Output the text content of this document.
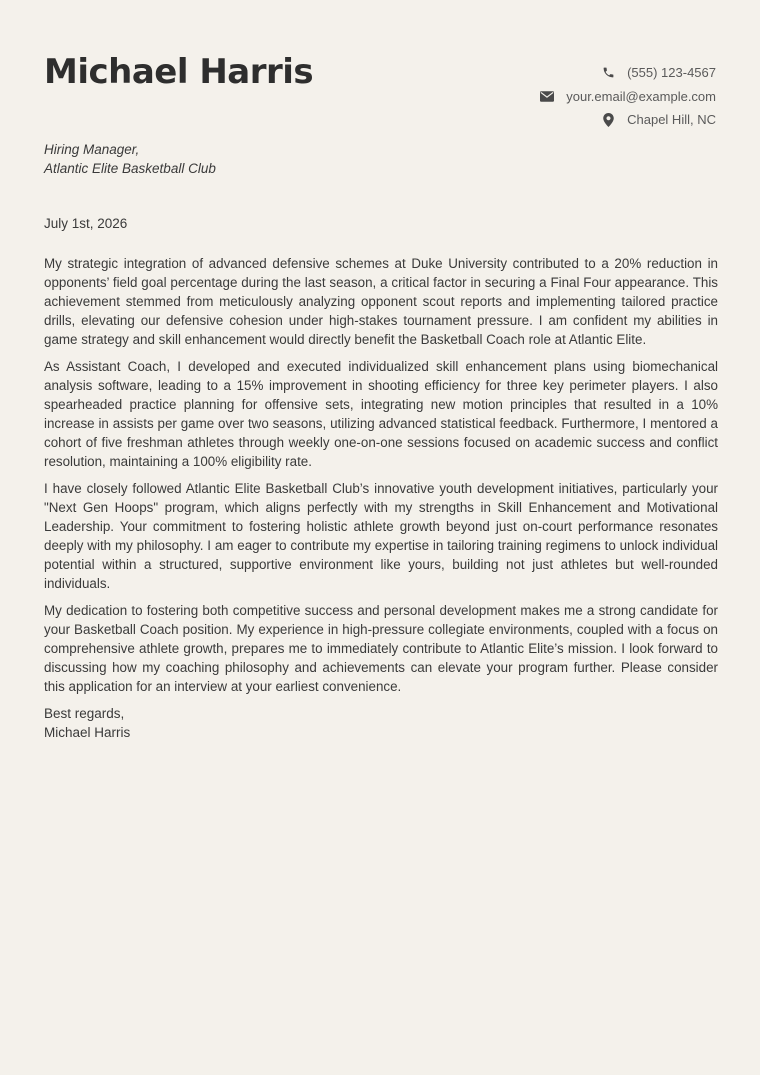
Michael Harris	(555) 123-4567
your.email@example.com
Chapel Hill, NC
Hiring Manager,
Atlantic Elite Basketball Club
July 1st, 2026

My strategic integration of advanced defensive schemes at Duke University contributed to a 20% reduction in opponents’ field goal percentage during the last season, a critical factor in securing a Final Four appearance. This achievement stemmed from meticulously analyzing opponent scout reports and implementing tailored practice drills, elevating our defensive cohesion under high-stakes tournament pressure. I am confident my abilities in game strategy and skill enhancement would directly benefit the Basketball Coach role at Atlantic Elite.

As Assistant Coach, I developed and executed individualized skill enhancement plans using biomechanical analysis software, leading to a 15% improvement in shooting efficiency for three key perimeter players. I also spearheaded practice planning for offensive sets, integrating new motion principles that resulted in a 10% increase in assists per game over two seasons, utilizing advanced statistical feedback. Furthermore, I mentored a cohort of five freshman athletes through weekly one-on-one sessions focused on academic success and conflict resolution, maintaining a 100% eligibility rate.

I have closely followed Atlantic Elite Basketball Club’s innovative youth development initiatives, particularly your "Next Gen Hoops" program, which aligns perfectly with my strengths in Skill Enhancement and Motivational Leadership. Your commitment to fostering holistic athlete growth beyond just on-court performance resonates deeply with my philosophy. I am eager to contribute my expertise in tailoring training regimens to unlock individual potential within a structured, supportive environment like yours, building not just athletes but well-rounded individuals.

My dedication to fostering both competitive success and personal development makes me a strong candidate for your Basketball Coach position. My experience in high-pressure collegiate environments, coupled with a focus on comprehensive athlete growth, prepares me to immediately contribute to Atlantic Elite’s mission. I look forward to discussing how my coaching philosophy and achievements can elevate your program further. Please consider this application for an interview at your earliest convenience.

Best regards,
Michael Harris
